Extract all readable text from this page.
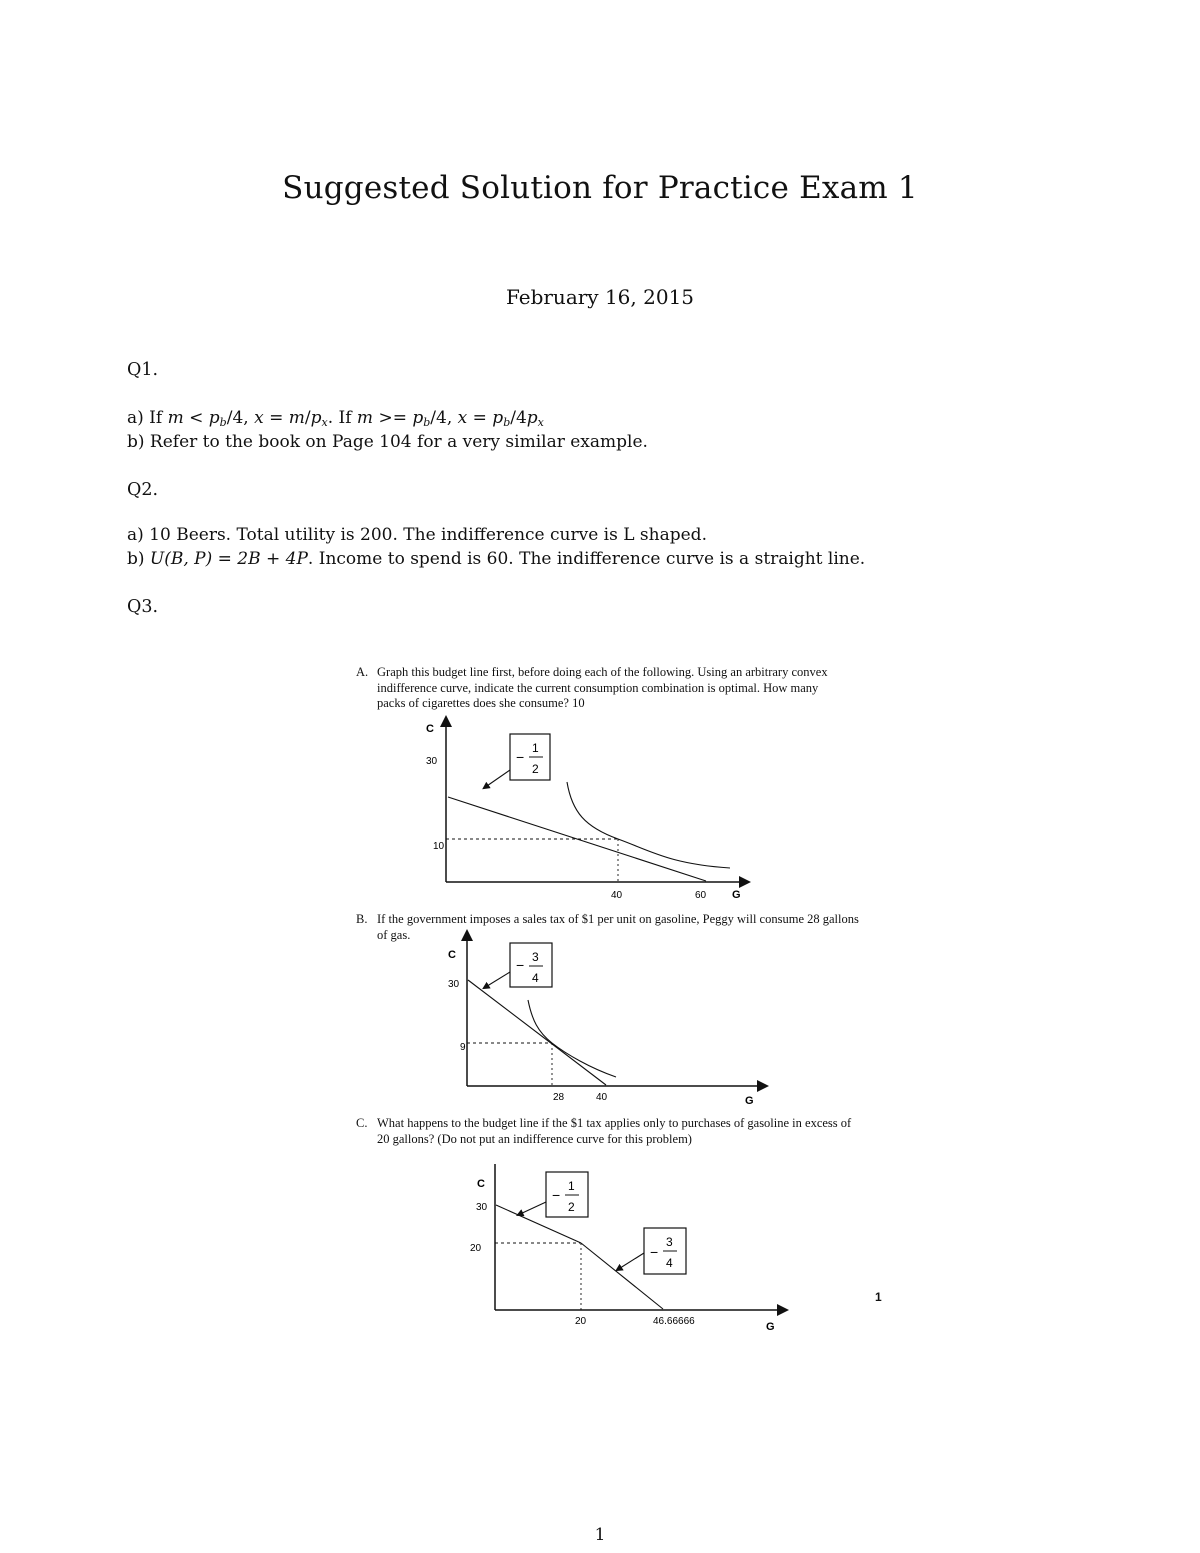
Suggested Solution for Practice Exam 1
February 16, 2015
Q1.
a) If $m < p_b/4$, $x = m/p_x$. If $m >= p_b/4$, $x = p_b/4p_x$
b) Refer to the book on Page 104 for a very similar example.
Q2.
a) 10 Beers. Total utility is 200. The indifference curve is L shaped.
b) U(B, P) = 2B + 4P. Income to spend is 60. The indifference curve is a straight line.
Q3.
A. Graph this budget line first, before doing each of the following. Using an arbitrary convex
indifference curve, indicate the current consumption combination is optimal. How many
packs of cigarettes does she consume? 10
C
G
30
10
40	60
−
1
2
B. If the government imposes a sales tax of $1 per unit on gasoline, Peggy will consume 28 gallons
of gas.
C
G
30
9
28	40
− 3
4
C. What happens to the budget line if the $1 tax applies only to purchases of gasoline in excess of
20 gallons? (Do not put an indifference curve for this problem)
C
G
30
20
20	46.66666
−
1
2
−
3
4
1
1
